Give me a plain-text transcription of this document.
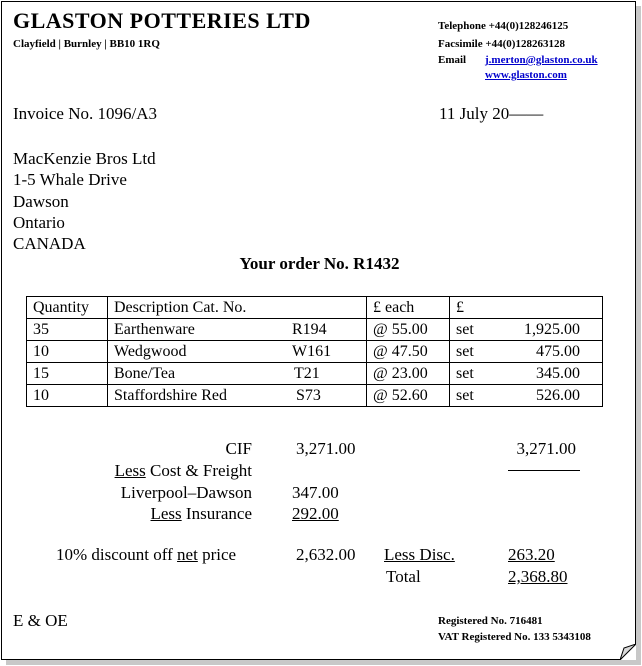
GLASTON POTTERIES LTD
Clayfield | Burnley | BB10 1RQ
Telephone +44(0)128246125
Facsimile +44(0)128263128
Email j.merton@glaston.co.uk
www.glaston.com
Invoice No. 1096/A3	11 July 20——
MacKenzie Bros Ltd
1-5 Whale Drive
Dawson
Ontario
CANADA
Your order No. R1432
Quantity	Description Cat. No.	£ each	£
35	Earthenware R194	@ 55.00	set 1,925.00
10	Wedgwood W161	@ 47.50	set 475.00
15	Bone/Tea T21	@ 23.00	set 345.00
10	Staffordshire Red S73	@ 52.60	set 526.00
CIF	3,271.00	3,271.00
Less Cost & Freight
Liverpool–Dawson 347.00
Less Insurance 292.00
10% discount off net price	2,632.00 Less Disc.	263.20
Total	2,368.80
E & OE	Registered No. 716481
VAT Registered No. 133 5343108
